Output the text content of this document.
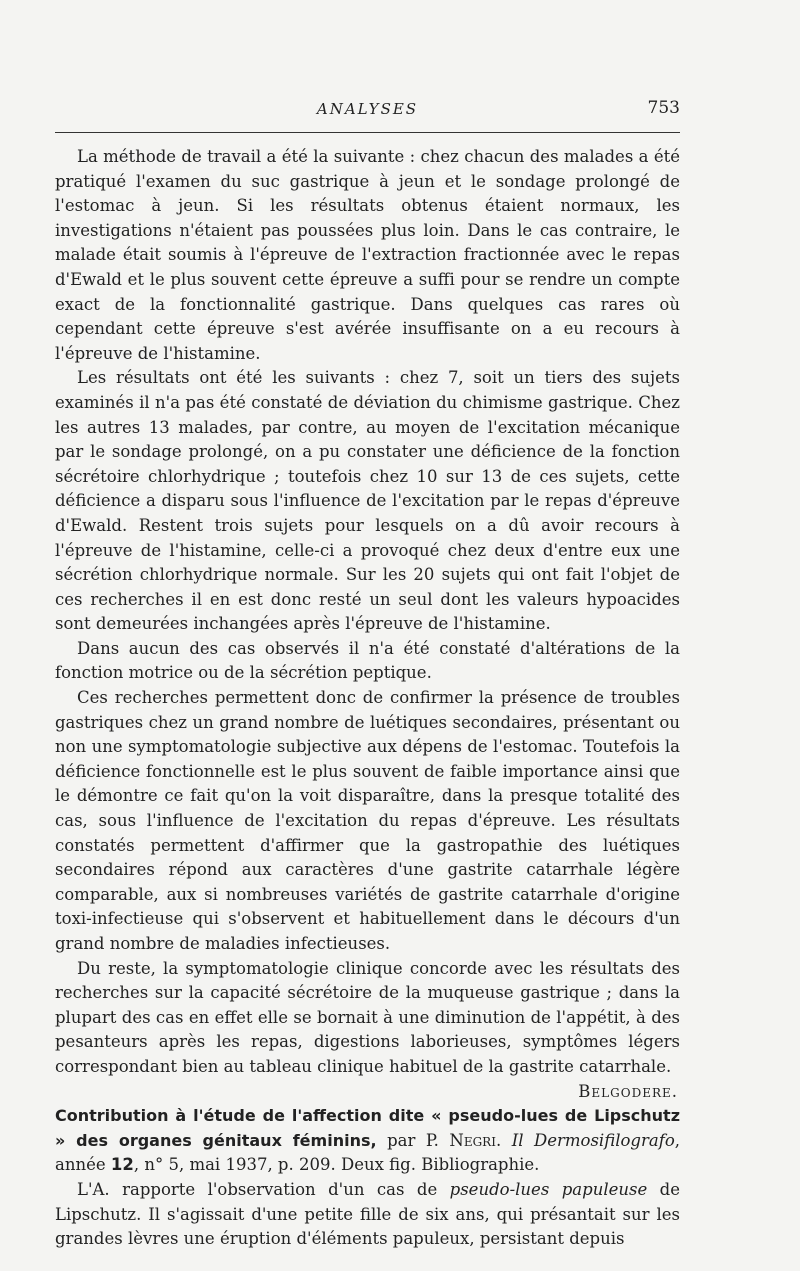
ANALYSES	753

La méthode de travail a été la suivante : chez chacun des malades a été pratiqué l'examen du suc gastrique à jeun et le sondage prolongé de l'estomac à jeun. Si les résultats obtenus étaient normaux, les investigations n'étaient pas poussées plus loin. Dans le cas contraire, le malade était soumis à l'épreuve de l'extraction fractionnée avec le repas d'Ewald et le plus souvent cette épreuve a suffi pour se rendre un compte exact de la fonctionnalité gastrique. Dans quelques cas rares où cependant cette épreuve s'est avérée insuffisante on a eu recours à l'épreuve de l'histamine.

Les résultats ont été les suivants : chez 7, soit un tiers des sujets examinés il n'a pas été constaté de déviation du chimisme gastrique. Chez les autres 13 malades, par contre, au moyen de l'excitation mécanique par le sondage prolongé, on a pu constater une déficience de la fonction sécrétoire chlorhydrique ; toutefois chez 10 sur 13 de ces sujets, cette déficience a disparu sous l'influence de l'excitation par le repas d'épreuve d'Ewald. Restent trois sujets pour lesquels on a dû avoir recours à l'épreuve de l'histamine, celle-ci a provoqué chez deux d'entre eux une sécrétion chlorhydrique normale. Sur les 20 sujets qui ont fait l'objet de ces recherches il en est donc resté un seul dont les valeurs hypoacides sont demeurées inchangées après l'épreuve de l'histamine.

Dans aucun des cas observés il n'a été constaté d'altérations de la fonction motrice ou de la sécrétion peptique.

Ces recherches permettent donc de confirmer la présence de troubles gastriques chez un grand nombre de luétiques secondaires, présentant ou non une symptomatologie subjective aux dépens de l'estomac. Toutefois la déficience fonctionnelle est le plus souvent de faible importance ainsi que le démontre ce fait qu'on la voit disparaître, dans la presque totalité des cas, sous l'influence de l'excitation du repas d'épreuve. Les résultats constatés permettent d'affirmer que la gastropathie des luétiques secondaires répond aux caractères d'une gastrite catarrhale légère comparable, aux si nombreuses variétés de gastrite catarrhale d'origine toxi-infectieuse qui s'observent et habituellement dans le décours d'un grand nombre de maladies infectieuses.

Du reste, la symptomatologie clinique concorde avec les résultats des recherches sur la capacité sécrétoire de la muqueuse gastrique ; dans la plupart des cas en effet elle se bornait à une diminution de l'appétit, à des pesanteurs après les repas, digestions laborieuses, symptômes légers correspondant bien au tableau clinique habituel de la gastrite catarrhale.

Belgodere.

Contribution à l'étude de l'affection dite « pseudo-lues de Lipschutz » des organes génitaux féminins, par P. Negri. Il Dermosifilografo, année 12, n° 5, mai 1937, p. 209. Deux fig. Bibliographie.

L'A. rapporte l'observation d'un cas de pseudo-lues papuleuse de Lipschutz. Il s'agissait d'une petite fille de six ans, qui présantait sur les grandes lèvres une éruption d'éléments papuleux, persistant depuis
